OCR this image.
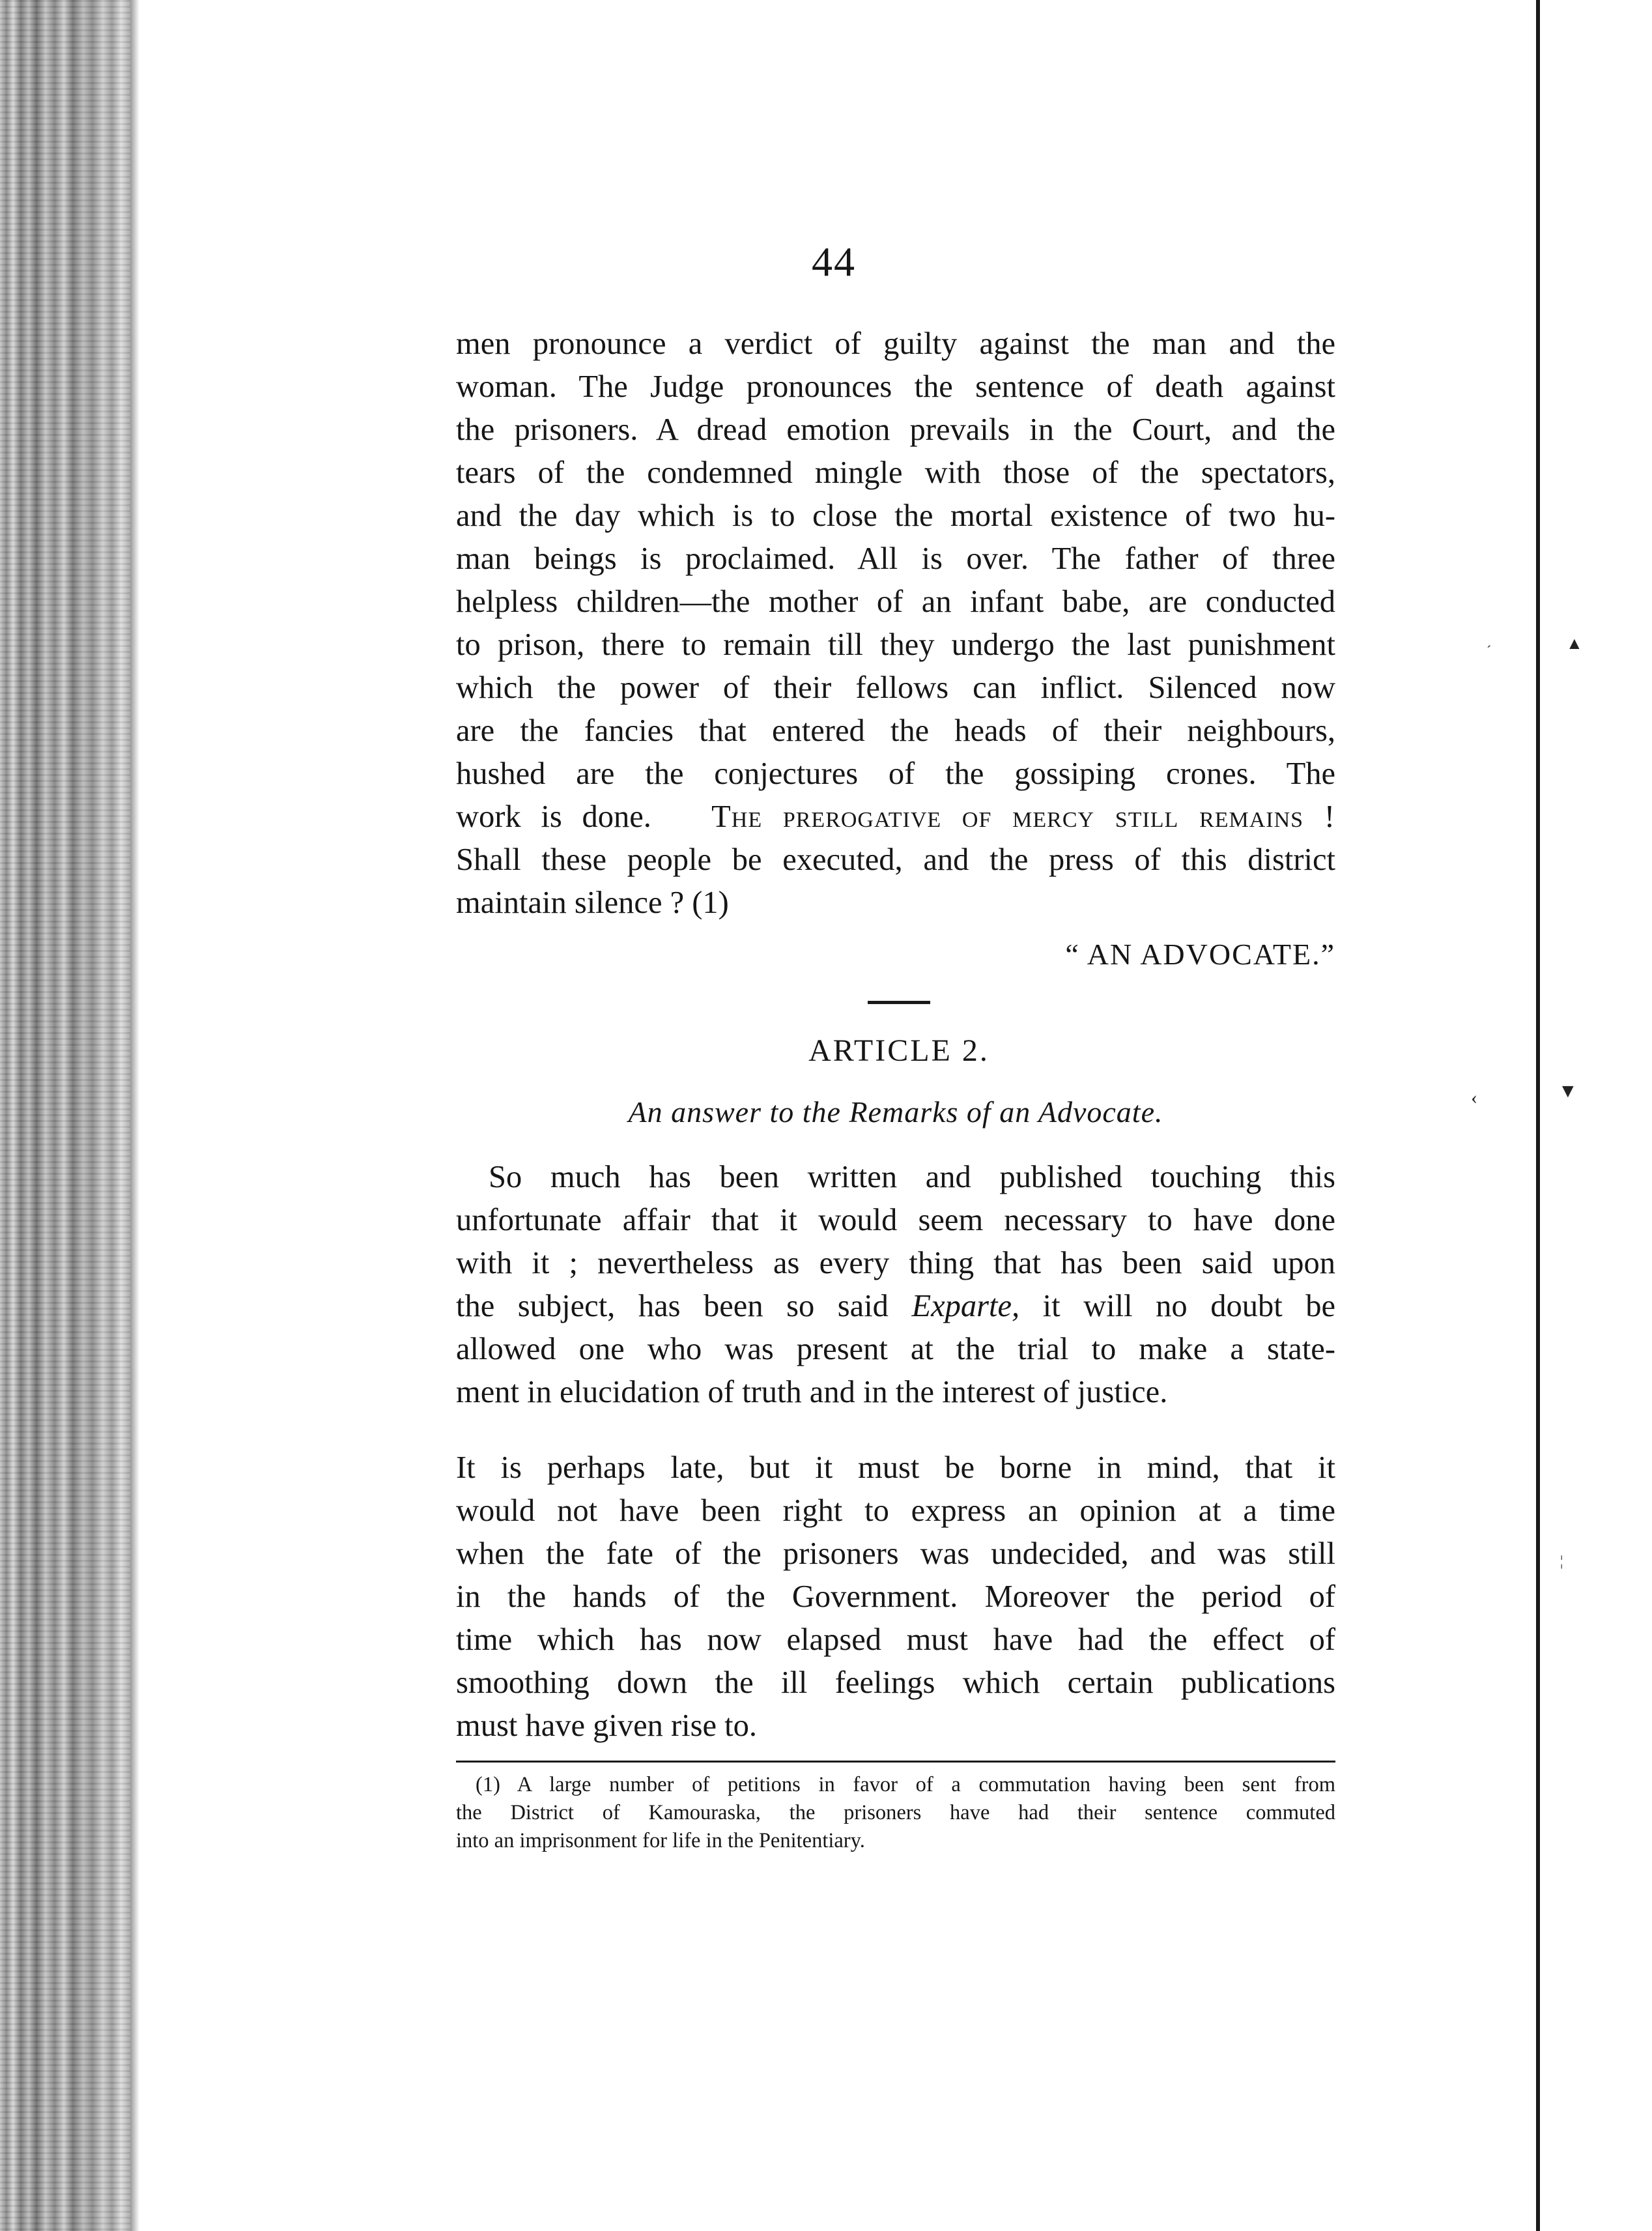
´	▲
‹	▼
¦
44
men pronounce a verdict of guilty against the man and the
woman. The Judge pronounces the sentence of death against
the prisoners. A dread emotion prevails in the Court, and the
tears of the condemned mingle with those of the spectators,
and the day which is to close the mortal existence of two hu-
man beings is proclaimed. All is over. The father of three
helpless children—the mother of an infant babe, are conducted
to prison, there to remain till they undergo the last punishment
which the power of their fellows can inflict. Silenced now
are the fancies that entered the heads of their neighbours,
hushed are the conjectures of the gossiping crones. The
work is done. The prerogative of mercy still remains !
Shall these people be executed, and the press of this district
maintain silence ? (1)
“ AN ADVOCATE.”
ARTICLE 2.
An answer to the Remarks of an Advocate.
So much has been written and published touching this
unfortunate affair that it would seem necessary to have done
with it ; nevertheless as every thing that has been said upon
the subject, has been so said Exparte, it will no doubt be
allowed one who was present at the trial to make a state-
ment in elucidation of truth and in the interest of justice.
It is perhaps late, but it must be borne in mind, that it
would not have been right to express an opinion at a time
when the fate of the prisoners was undecided, and was still
in the hands of the Government. Moreover the period of
time which has now elapsed must have had the effect of
smoothing down the ill feelings which certain publications
must have given rise to.
(1) A large number of petitions in favor of a commutation having been sent from
the District of Kamouraska, the prisoners have had their sentence commuted
into an imprisonment for life in the Penitentiary.
